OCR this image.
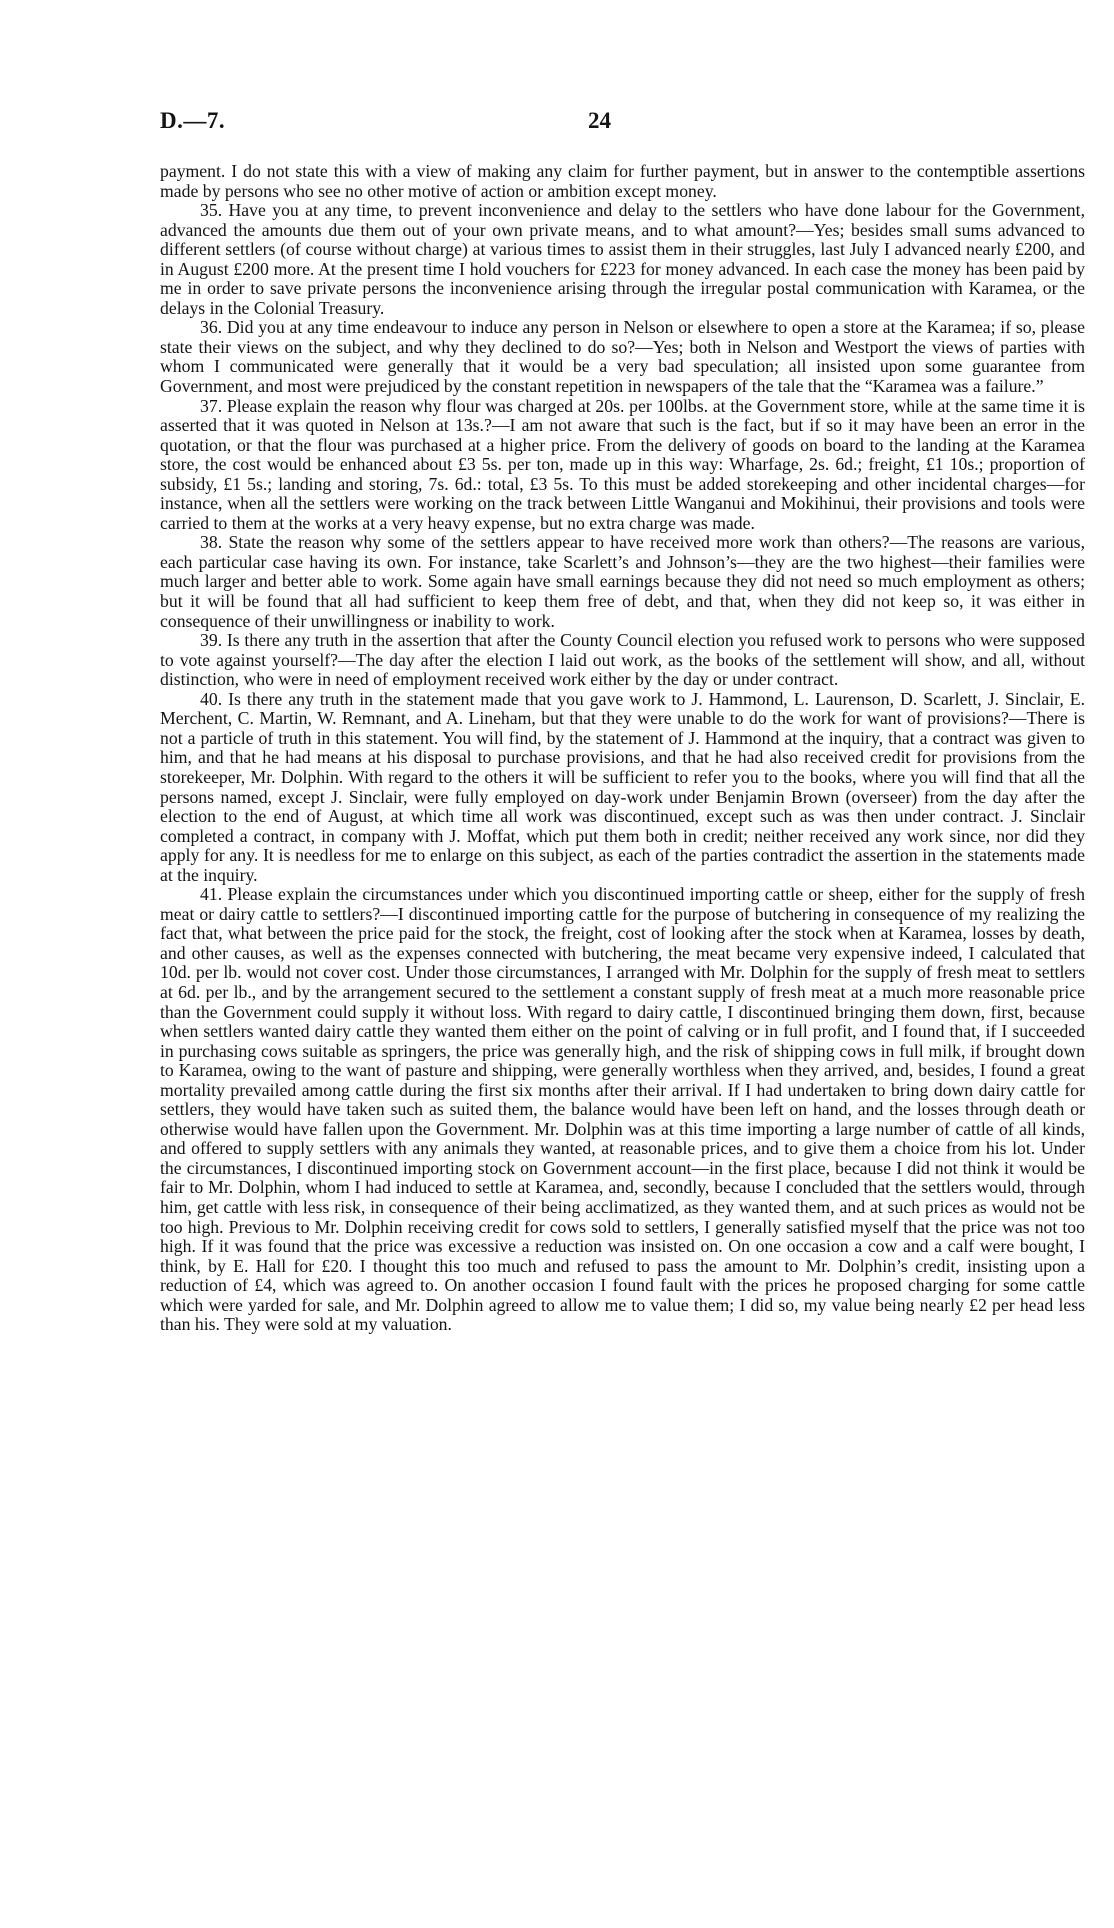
D.—7.	24

payment. I do not state this with a view of making any claim for further payment, but in answer to the contemptible assertions made by persons who see no other motive of action or ambition except money.

35. Have you at any time, to prevent inconvenience and delay to the settlers who have done labour for the Government, advanced the amounts due them out of your own private means, and to what amount?—Yes; besides small sums advanced to different settlers (of course without charge) at various times to assist them in their struggles, last July I advanced nearly £200, and in August £200 more. At the present time I hold vouchers for £223 for money advanced. In each case the money has been paid by me in order to save private persons the inconvenience arising through the irregular postal communication with Karamea, or the delays in the Colonial Treasury.

36. Did you at any time endeavour to induce any person in Nelson or elsewhere to open a store at the Karamea; if so, please state their views on the subject, and why they declined to do so?—Yes; both in Nelson and Westport the views of parties with whom I communicated were generally that it would be a very bad speculation; all insisted upon some guarantee from Government, and most were prejudiced by the constant repetition in newspapers of the tale that the “Karamea was a failure.”

37. Please explain the reason why flour was charged at 20s. per 100lbs. at the Government store, while at the same time it is asserted that it was quoted in Nelson at 13s.?—I am not aware that such is the fact, but if so it may have been an error in the quotation, or that the flour was purchased at a higher price. From the delivery of goods on board to the landing at the Karamea store, the cost would be enhanced about £3 5s. per ton, made up in this way: Wharfage, 2s. 6d.; freight, £1 10s.; proportion of subsidy, £1 5s.; landing and storing, 7s. 6d.: total, £3 5s. To this must be added storekeeping and other incidental charges—for instance, when all the settlers were working on the track between Little Wanganui and Mokihinui, their provisions and tools were carried to them at the works at a very heavy expense, but no extra charge was made.

38. State the reason why some of the settlers appear to have received more work than others?—The reasons are various, each particular case having its own. For instance, take Scarlett’s and Johnson’s—they are the two highest—their families were much larger and better able to work. Some again have small earnings because they did not need so much employment as others; but it will be found that all had sufficient to keep them free of debt, and that, when they did not keep so, it was either in consequence of their unwillingness or inability to work.

39. Is there any truth in the assertion that after the County Council election you refused work to persons who were supposed to vote against yourself?—The day after the election I laid out work, as the books of the settlement will show, and all, without distinction, who were in need of employment received work either by the day or under contract.

40. Is there any truth in the statement made that you gave work to J. Hammond, L. Laurenson, D. Scarlett, J. Sinclair, E. Merchent, C. Martin, W. Remnant, and A. Lineham, but that they were unable to do the work for want of provisions?—There is not a particle of truth in this statement. You will find, by the statement of J. Hammond at the inquiry, that a contract was given to him, and that he had means at his disposal to purchase provisions, and that he had also received credit for provisions from the storekeeper, Mr. Dolphin. With regard to the others it will be sufficient to refer you to the books, where you will find that all the persons named, except J. Sinclair, were fully employed on day-work under Benjamin Brown (overseer) from the day after the election to the end of August, at which time all work was discontinued, except such as was then under contract. J. Sinclair completed a contract, in company with J. Moffat, which put them both in credit; neither received any work since, nor did they apply for any. It is needless for me to enlarge on this subject, as each of the parties contradict the assertion in the statements made at the inquiry.

41. Please explain the circumstances under which you discontinued importing cattle or sheep, either for the supply of fresh meat or dairy cattle to settlers?—I discontinued importing cattle for the purpose of butchering in consequence of my realizing the fact that, what between the price paid for the stock, the freight, cost of looking after the stock when at Karamea, losses by death, and other causes, as well as the expenses connected with butchering, the meat became very expensive indeed, I calculated that 10d. per lb. would not cover cost. Under those circumstances, I arranged with Mr. Dolphin for the supply of fresh meat to settlers at 6d. per lb., and by the arrangement secured to the settlement a constant supply of fresh meat at a much more reasonable price than the Government could supply it without loss. With regard to dairy cattle, I discontinued bringing them down, first, because when settlers wanted dairy cattle they wanted them either on the point of calving or in full profit, and I found that, if I succeeded in purchasing cows suitable as springers, the price was generally high, and the risk of shipping cows in full milk, if brought down to Karamea, owing to the want of pasture and shipping, were generally worthless when they arrived, and, besides, I found a great mortality prevailed among cattle during the first six months after their arrival. If I had undertaken to bring down dairy cattle for settlers, they would have taken such as suited them, the balance would have been left on hand, and the losses through death or otherwise would have fallen upon the Government. Mr. Dolphin was at this time importing a large number of cattle of all kinds, and offered to supply settlers with any animals they wanted, at reasonable prices, and to give them a choice from his lot. Under the circumstances, I discontinued importing stock on Government account—in the first place, because I did not think it would be fair to Mr. Dolphin, whom I had induced to settle at Karamea, and, secondly, because I concluded that the settlers would, through him, get cattle with less risk, in consequence of their being acclimatized, as they wanted them, and at such prices as would not be too high. Previous to Mr. Dolphin receiving credit for cows sold to settlers, I generally satisfied myself that the price was not too high. If it was found that the price was excessive a reduction was insisted on. On one occasion a cow and a calf were bought, I think, by E. Hall for £20. I thought this too much and refused to pass the amount to Mr. Dolphin’s credit, insisting upon a reduction of £4, which was agreed to. On another occasion I found fault with the prices he proposed charging for some cattle which were yarded for sale, and Mr. Dolphin agreed to allow me to value them; I did so, my value being nearly £2 per head less than his. They were sold at my valuation.
